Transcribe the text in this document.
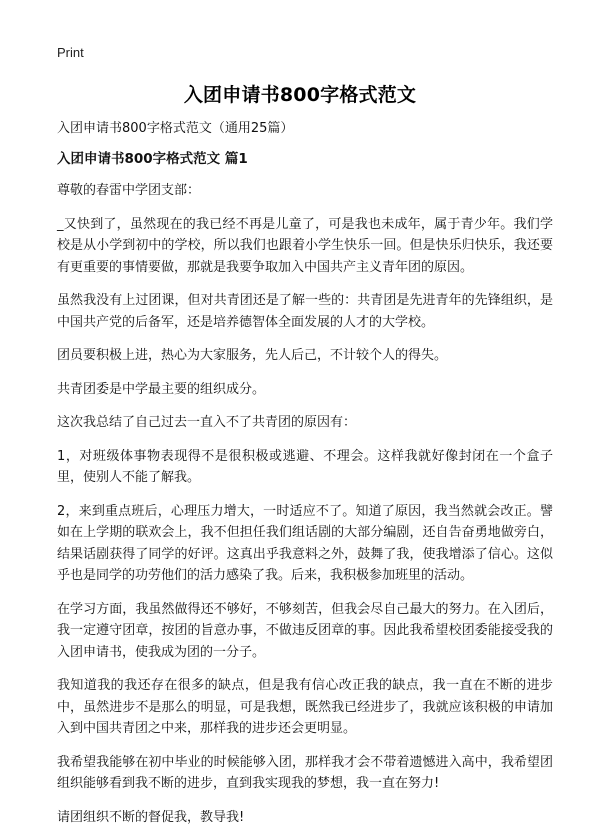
Print
入团申请书800字格式范文

入团申请书800字格式范文（通用25篇）

入团申请书800字格式范文 篇1

尊敬的春雷中学团支部：

_又快到了，虽然现在的我已经不再是儿童了，可是我也未成年，属于青少年。我们学校是从小学到初中的学校，所以我们也跟着小学生快乐一回。但是快乐归快乐，我还要有更重要的事情要做，那就是我要争取加入中国共产主义青年团的原因。

虽然我没有上过团课，但对共青团还是了解一些的：共青团是先进青年的先锋组织，是中国共产党的后备军，还是培养德智体全面发展的人才的大学校。

团员要积极上进，热心为大家服务，先人后己，不计较个人的得失。

共青团委是中学最主要的组织成分。

这次我总结了自己过去一直入不了共青团的原因有：

1，对班级体事物表现得不是很积极或逃避、不理会。这样我就好像封闭在一个盒子里，使别人不能了解我。

2，来到重点班后，心理压力增大，一时适应不了。知道了原因，我当然就会改正。譬如在上学期的联欢会上，我不但担任我们组话剧的大部分编剧，还自告奋勇地做旁白，结果话剧获得了同学的好评。这真出乎我意料之外，鼓舞了我，使我增添了信心。这似乎也是同学的功劳他们的活力感染了我。后来，我积极参加班里的活动。

在学习方面，我虽然做得还不够好，不够刻苦，但我会尽自己最大的努力。在入团后，我一定遵守团章，按团的旨意办事，不做违反团章的事。因此我希望校团委能接受我的入团申请书，使我成为团的一分子。

我知道我的我还存在很多的缺点，但是我有信心改正我的缺点，我一直在不断的进步中，虽然进步不是那么的明显，可是我想，既然我已经进步了，我就应该积极的申请加入到中国共青团之中来，那样我的进步还会更明显。

我希望我能够在初中毕业的时候能够入团，那样我才会不带着遗憾进入高中，我希望团组织能够看到我不断的进步，直到我实现我的梦想，我一直在努力!

请团组织不断的督促我，教导我!
